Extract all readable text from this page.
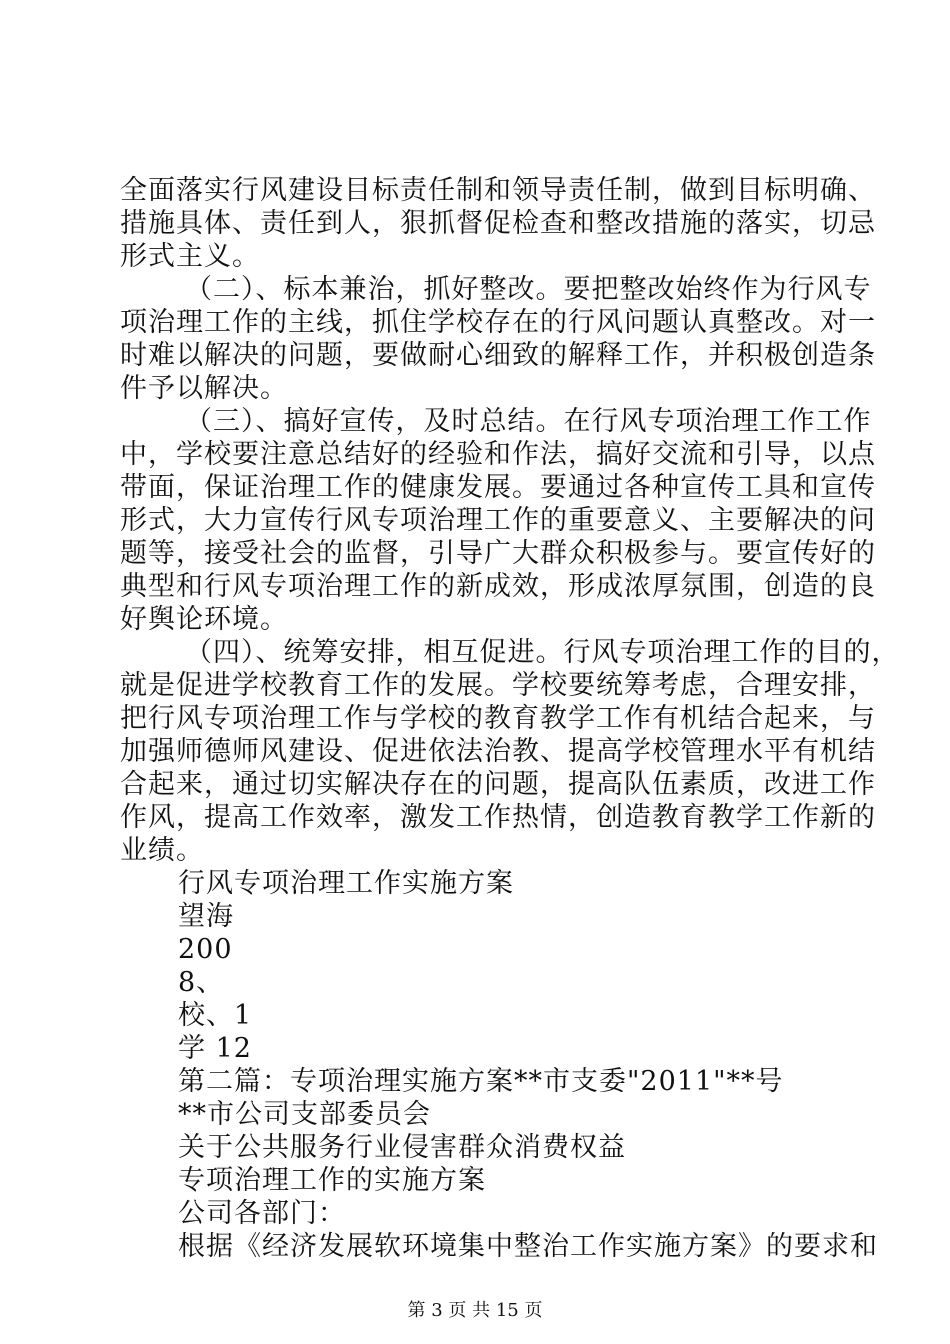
全面落实行风建设目标责任制和领导责任制，做到目标明确、
措施具体、责任到人，狠抓督促检查和整改措施的落实，切忌
形式主义。
（二）、标本兼治，抓好整改。要把整改始终作为行风专
项治理工作的主线，抓住学校存在的行风问题认真整改。对一
时难以解决的问题，要做耐心细致的解释工作，并积极创造条
件予以解决。
（三）、搞好宣传，及时总结。在行风专项治理工作工作
中，学校要注意总结好的经验和作法，搞好交流和引导，以点
带面，保证治理工作的健康发展。要通过各种宣传工具和宣传
形式，大力宣传行风专项治理工作的重要意义、主要解决的问
题等，接受社会的监督，引导广大群众积极参与。要宣传好的
典型和行风专项治理工作的新成效，形成浓厚氛围，创造的良
好舆论环境。
（四）、统筹安排，相互促进。行风专项治理工作的目的，
就是促进学校教育工作的发展。学校要统筹考虑，合理安排，
把行风专项治理工作与学校的教育教学工作有机结合起来，与
加强师德师风建设、促进依法治教、提高学校管理水平有机结
合起来，通过切实解决存在的问题，提高队伍素质，改进工作
作风，提高工作效率，激发工作热情，创造教育教学工作新的
业绩。
行风专项治理工作实施方案
望海
200
8、
校、1
学 12
第二篇：专项治理实施方案**市支委"2011"**号
**市公司支部委员会
关于公共服务行业侵害群众消费权益
专项治理工作的实施方案
公司各部门：
根据《经济发展软环境集中整治工作实施方案》的要求和
第 3 页 共 15 页
